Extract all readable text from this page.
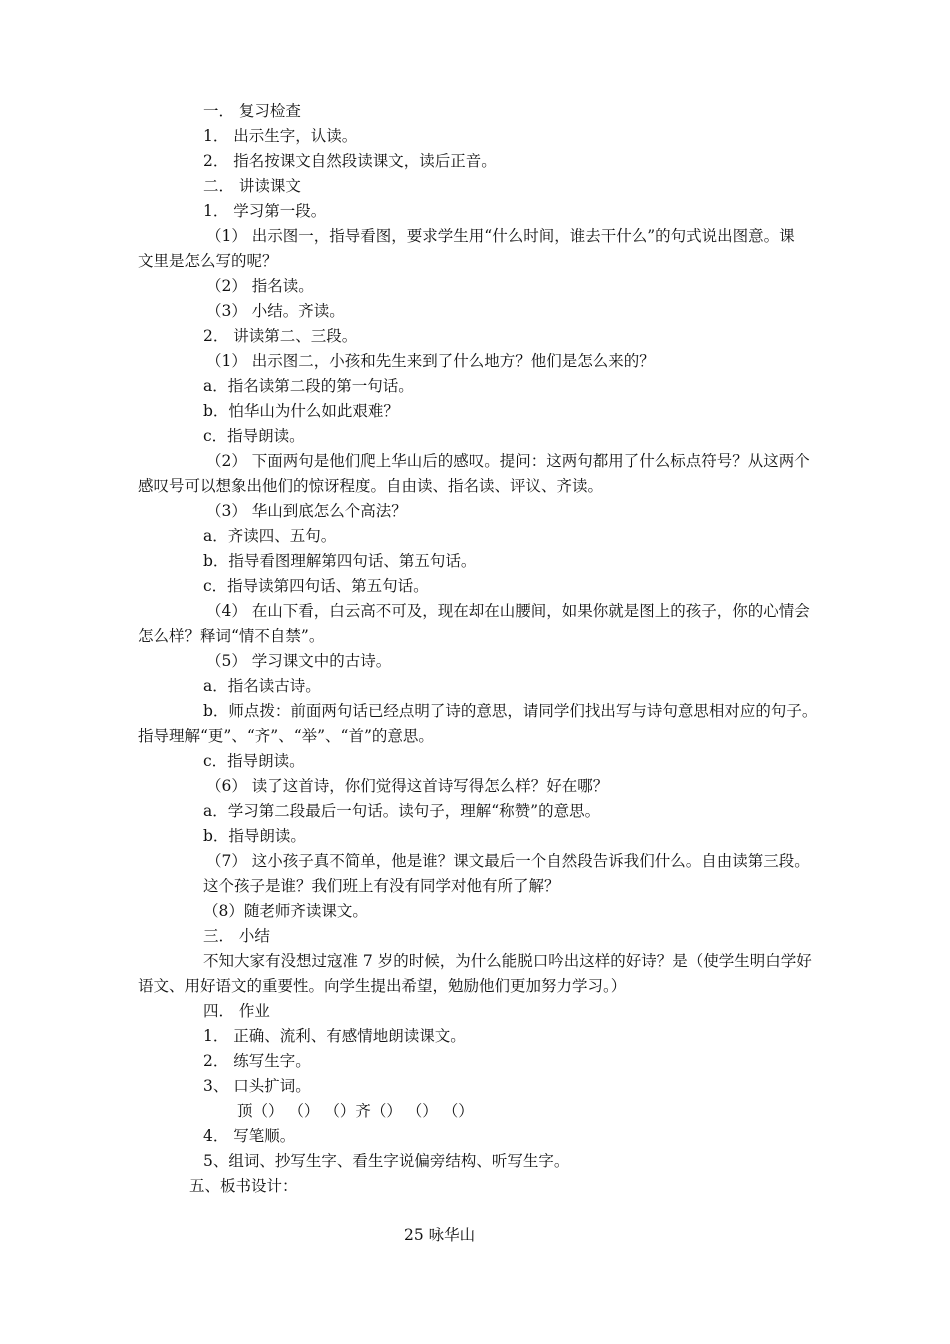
一． 复习检查

1． 出示生字，认读。

2． 指名按课文自然段读课文，读后正音。

二． 讲读课文

1． 学习第一段。

（1） 出示图一，指导看图，要求学生用“什么时间，谁去干什么”的句式说出图意。课

文里是怎么写的呢？

（2） 指名读。

（3） 小结。齐读。

2． 讲读第二、三段。

（1） 出示图二，小孩和先生来到了什么地方？他们是怎么来的？

a．指名读第二段的第一句话。

b．怕华山为什么如此艰难？

c．指导朗读。

（2） 下面两句是他们爬上华山后的感叹。提问：这两句都用了什么标点符号？从这两个

感叹号可以想象出他们的惊讶程度。自由读、指名读、评议、齐读。

（3） 华山到底怎么个高法？

a．齐读四、五句。

b．指导看图理解第四句话、第五句话。

c．指导读第四句话、第五句话。

（4） 在山下看，白云高不可及，现在却在山腰间，如果你就是图上的孩子，你的心情会

怎么样？释词“情不自禁”。

（5） 学习课文中的古诗。

a．指名读古诗。

b．师点拨：前面两句话已经点明了诗的意思，请同学们找出写与诗句意思相对应的句子。

指导理解“更”、“齐”、“举”、“首”的意思。

c．指导朗读。

（6） 读了这首诗，你们觉得这首诗写得怎么样？好在哪？

a．学习第二段最后一句话。读句子，理解“称赞”的意思。

b．指导朗读。

（7） 这小孩子真不简单，他是谁？课文最后一个自然段告诉我们什么。自由读第三段。

这个孩子是谁？我们班上有没有同学对他有所了解？

（8）随老师齐读课文。

三． 小结

不知大家有没想过寇准 7 岁的时候，为什么能脱口吟出这样的好诗？是（使学生明白学好

语文、用好语文的重要性。向学生提出希望，勉励他们更加努力学习。）

四． 作业

1． 正确、流利、有感情地朗读课文。

2． 练写生字。

3、 口头扩词。

顶（） （） （）齐（） （） （）

4． 写笔顺。

5、组词、抄写生字、看生字说偏旁结构、听写生字。

五、板书设计：

25 咏华山
